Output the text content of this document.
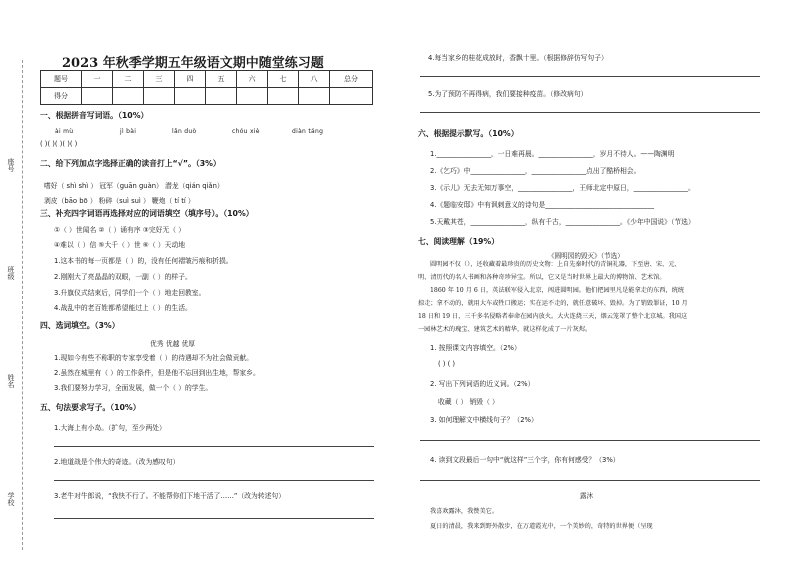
座号
班级
姓名
学校
2023 年秋季学期五年级语文期中随堂练习题
题号	一	二	三	四	五	六	七	八	总分
得分									
一、根据拼音写词语。（10%）
ài mù	jì bài	lǎn duò	chóu xiè	diàn táng
( )( )( )( )( )
二、给下列加点字选择正确的读音打上“√”。（3%）
嗜好（ shì shì ） 冠军（guān guàn） 潜龙（qián qiǎn）
剥皮（bāo bō ） 粉碎（suì suì ） 鞭炮（ tí tí ）
三、补充四字词语再选择对应的词语填空（填序号）。（10%）
①（ ）世闻名 ②（ ）诵有序 ③完好无（ ）
④难以（ ）信 ⑤大千（ ）世 ⑥（ ）天动地
1.这本书的每一页都是（ ）的，没有任何褶皱污痕和折损。
2.刚刚大了亮晶晶的双眼，一副（ ）的样子。
3.升旗仪式结束后，同学们一个（ ）地走回教室。
4.战乱中的老百姓都希望能过上（ ）的生活。
四、选词填空。（3%）
优秀 优越 优厚
1.现如今有些不称职的专家享受着（ ）的待遇却不为社会做贡献。
2.虽然在城里有（ ）的工作条件，但是他不忘回到出生地，帮家乡。
3.我们要努力学习，全面发展，做一个（ ）的学生。
五、句法要求写子。（10%）
1.大海上有小岛。（扩句，至少两处）
2.地道战是个伟大的奇迹。（改为感叹句）
3.老牛对牛郎说，“我快不行了。不能帮你们下地干活了……”（改为转述句）
4.每当家乡的桂花成放时，香飘十里。（根据修辞仿写句子）
5.为了预防不再得病，我们要接种疫苗。（修改病句）
六、根据提示默写。（10%）
1.________________，一日难再晨。________________，岁月不待人。——陶渊明
2.《乞巧》中________________，________________点出了酷桥相会。
3.《示儿》无去无知万事空，________________，王师北定中原日，________________。
4.《题临安邸》中有讽刺意义的诗句是________________________________
5.天戴其苍，________________，纵有千古，________________。《少年中国说》（节选）
七、阅读理解（19%）
《圆明园的毁灭》（节选）
圆明园不仅（），还收藏着最珍贵的历史文物：上自先秦时代的青铜礼器，下至唐、宋、元、
明、清历代的名人书画和各种奇珍异宝。所以，它又是当时世界上最大的博物馆、艺术馆。
1860 年 10 月 6 日，英法联军侵入北京，闯进圆明园。他们把园里凡是能拿走的东西，统统
掠走；拿不动的，就用大车或牲口搬运；实在运不走的，就任意破坏、毁掉。为了销毁罪证，10 月
18 日和 19 日，三千多名侵略者奉命在园内放火。大火连烧三天，烟云笼罩了整个北京城。我国这
一园林艺术的瑰宝、建筑艺术的精华，就这样化成了一片灰烬。
1. 按照课文内容填空。（2%）
( ) ( )
2. 写出下列词语的近义词。（2%）
收藏（ ） 销毁（ ）
3. 如何理解文中横线句子？（2%）
4. 读到文段最后一句中“就这样”三个字，你有何感受？（3%）
露沐
我喜欢露沐，我赞美它。
夏日的清晨，我来到野外散步，在万道霞光中，一个美妙的，奇特的世界便（呈现
